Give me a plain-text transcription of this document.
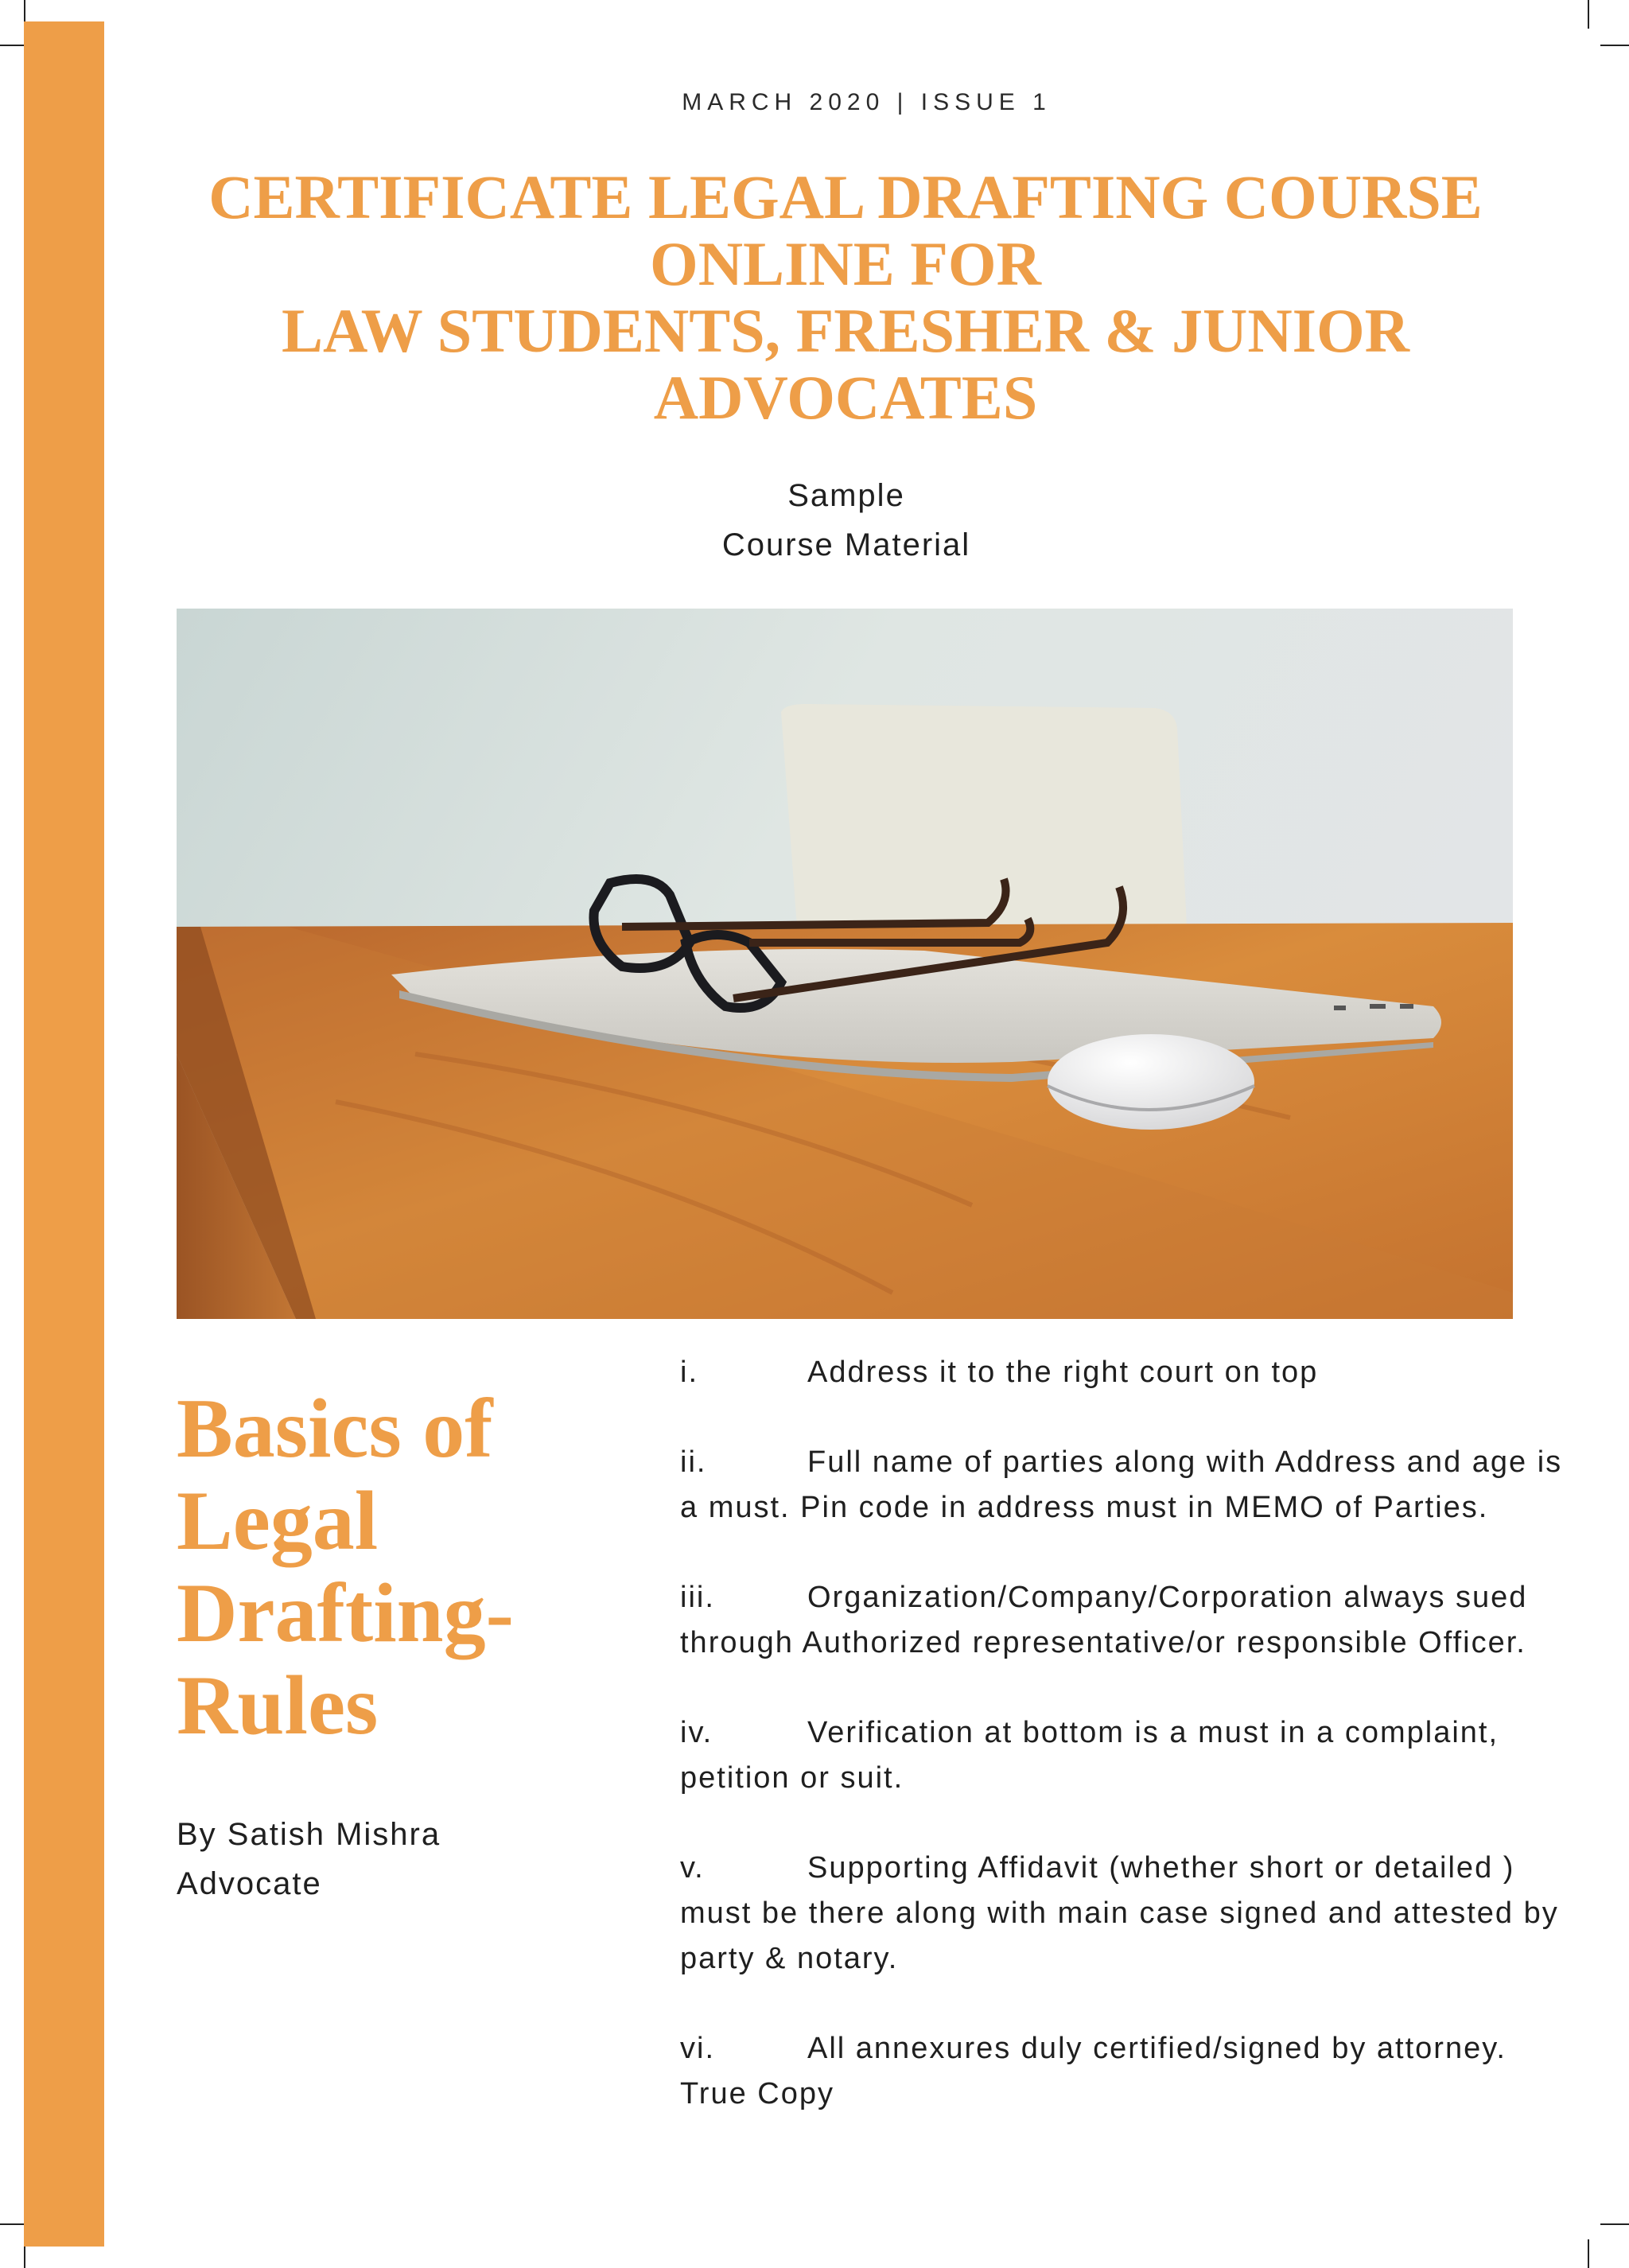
MARCH 2020 | ISSUE 1
CERTIFICATE LEGAL DRAFTING COURSE
ONLINE FOR
LAW STUDENTS, FRESHER & JUNIOR
ADVOCATES
Sample
Course Material
Basics of
Legal
Drafting-
Rules
By Satish Mishra
Advocate
i.	Address it to the right court on top
ii.	Full name of parties along with Address and age is a must. Pin code in address must in MEMO of Parties.
iii.	Organization/Company/Corporation always sued through Authorized representative/or responsible Officer.
iv.	Verification at bottom is a must in a complaint, petition or suit.
v.	Supporting Affidavit (whether short or detailed ) must be there along with main case signed and attested by party & notary.
vi.	All annexures duly certified/signed by attorney. True Copy
